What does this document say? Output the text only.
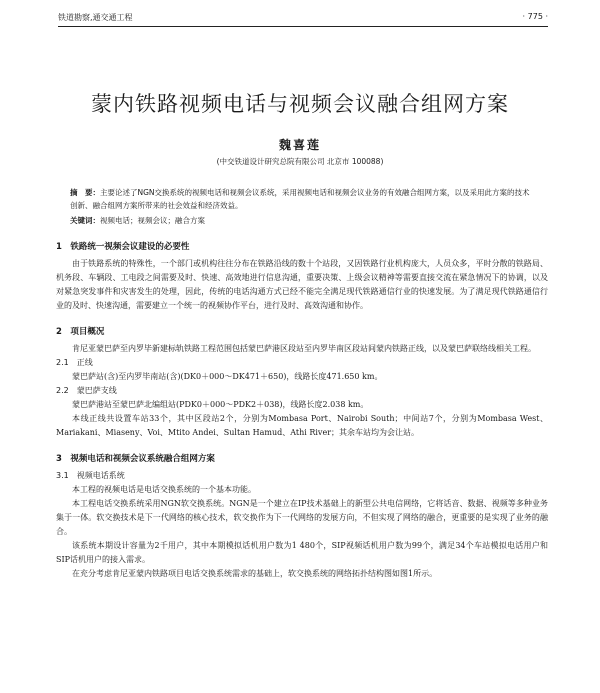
铁道勘察,通交通工程	· 775 ·
蒙内铁路视频电话与视频会议融合组网方案
魏喜莲
(中交铁道设计研究总院有限公司 北京市 100088)
摘　要：主要论述了NGN交换系统的视频电话和视频会议系统，采用视频电话和视频会议业务的有效融合组网方案，以及采用此方案的技术创新、融合组网方案所带来的社会效益和经济效益。
关键词：视频电话；视频会议；融合方案
1　铁路统一视频会议建设的必要性

由于铁路系统的特殊性，一个部门或机构往往分布在铁路沿线的数十个站段，又因铁路行业机构庞大，人员众多，平时分散的铁路局、机务段、车辆段、工电段之间需要及时、快速、高效地进行信息沟通，重要决策、上级会议精神等需要直接交流在紧急情况下的协调，以及对紧急突发事件和灾害发生的处理，因此，传统的电话沟通方式已经不能完全满足现代铁路通信行业的快速发展。为了满足现代铁路通信行业的及时、快速沟通，需要建立一个统一的视频协作平台，进行及时、高效沟通和协作。

2　项目概况

肯尼亚蒙巴萨至内罗毕新建标轨铁路工程范围包括蒙巴萨港区段站至内罗毕南区段站间蒙内铁路正线，以及蒙巴萨联络线相关工程。

2.1　正线

蒙巴萨站(含)至内罗毕南站(含)(DK0＋000～DK471＋650)，线路长度471.650 km。

2.2　蒙巴萨支线

蒙巴萨港站至蒙巴萨北编组站(PDK0＋000～PDK2＋038)，线路长度2.038 km。

本线正线共设置车站33个，其中区段站2个，分别为Mombasa Port、Nairobi South；中间站7个，分别为Mombasa West、Mariakani、Miaseny、Voi、Mtito Andei、Sultan Hamud、Athi River；其余车站均为会让站。

3　视频电话和视频会议系统融合组网方案
3.1　视频电话系统

本工程的视频电话是电话交换系统的一个基本功能。

本工程电话交换系统采用NGN软交换系统。NGN是一个建立在IP技术基础上的新型公共电信网络，它将话音、数据、视频等多种业务集于一体。软交换技术是下一代网络的核心技术，软交换作为下一代网络的发展方向，不但实现了网络的融合，更重要的是实现了业务的融合。

该系统本期设计容量为2千用户，其中本期模拟话机用户数为1 480个，SIP视频话机用户数为99个，满足34个车站模拟电话用户和SIP话机用户的接入需求。

在充分考虑肯尼亚蒙内铁路项目电话交换系统需求的基础上，软交换系统的网络拓扑结构图如图1所示。
